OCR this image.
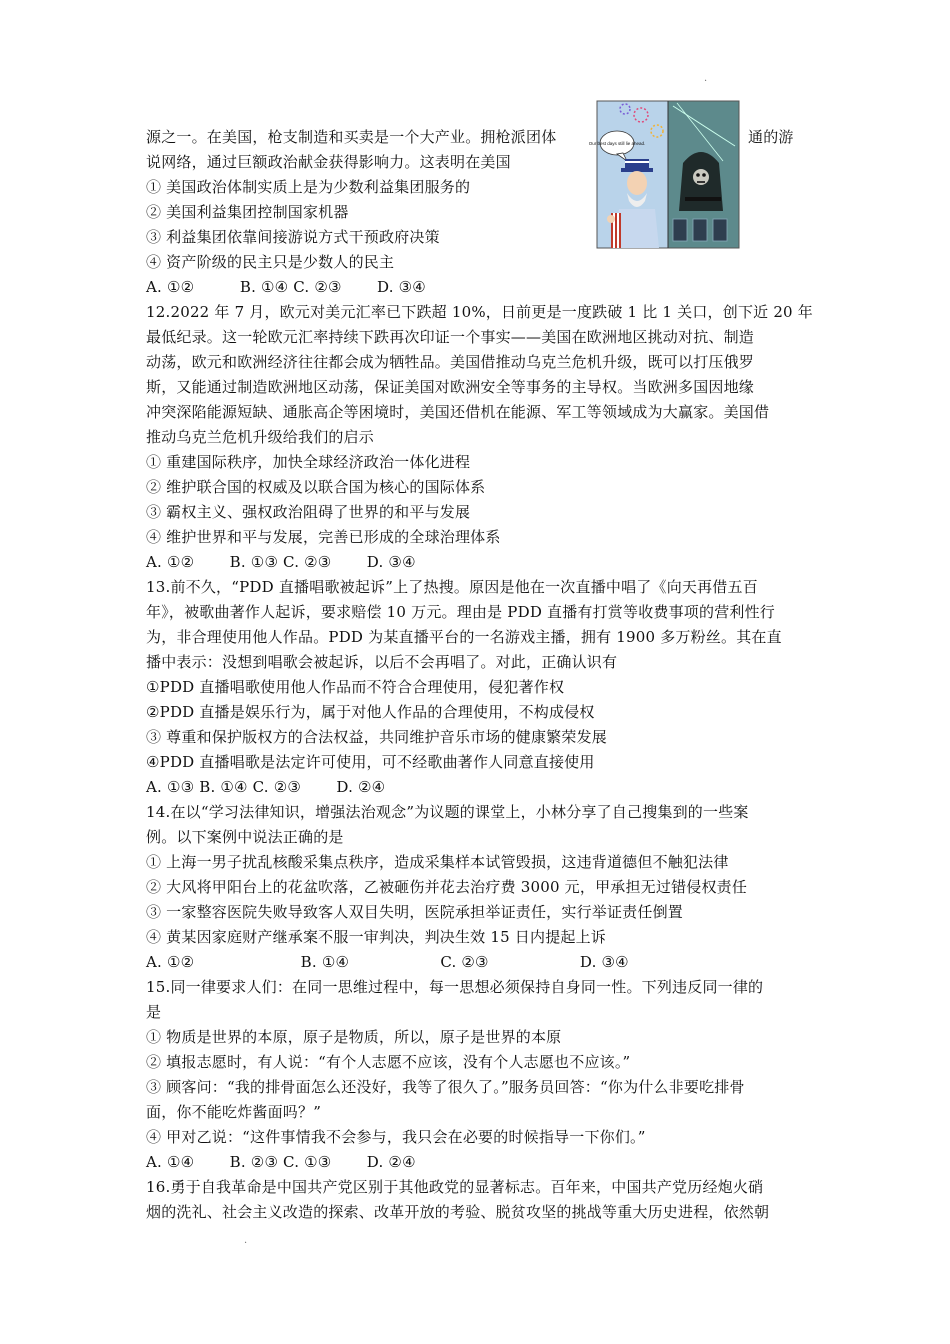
源之一。在美国，枪支制造和买卖是一个大产业。拥枪派团体	通的游
说网络，通过巨额政治献金获得影响力。这表明在美国
① 美国政治体制实质上是为少数利益集团服务的
② 美国利益集团控制国家机器
③ 利益集团依靠间接游说方式干预政府决策
④ 资产阶级的民主只是少数人的民主
A. ①②　　　B. ①④ C. ②③　　 D. ③④
12.2022 年 7 月，欧元对美元汇率已下跌超 10%，日前更是一度跌破 1 比 1 关口，创下近 20 年
最低纪录。这一轮欧元汇率持续下跌再次印证一个事实——美国在欧洲地区挑动对抗、制造
动荡，欧元和欧洲经济往往都会成为牺牲品。美国借推动乌克兰危机升级，既可以打压俄罗
斯，又能通过制造欧洲地区动荡，保证美国对欧洲安全等事务的主导权。当欧洲多国因地缘
冲突深陷能源短缺、通胀高企等困境时，美国还借机在能源、军工等领域成为大赢家。美国借
推动乌克兰危机升级给我们的启示
① 重建国际秩序，加快全球经济政治一体化进程
② 维护联合国的权威及以联合国为核心的国际体系
③ 霸权主义、强权政治阻碍了世界的和平与发展
④ 维护世界和平与发展，完善已形成的全球治理体系
A. ①②　　 B. ①③ C. ②③　　 D. ③④
13.前不久，“PDD 直播唱歌被起诉”上了热搜。原因是他在一次直播中唱了《向天再借五百
年》，被歌曲著作人起诉，要求赔偿 10 万元。理由是 PDD 直播有打赏等收费事项的营利性行
为，非合理使用他人作品。PDD 为某直播平台的一名游戏主播，拥有 1900 多万粉丝。其在直
播中表示：没想到唱歌会被起诉，以后不会再唱了。对此，正确认识有
①PDD 直播唱歌使用他人作品而不符合合理使用，侵犯著作权
②PDD 直播是娱乐行为，属于对他人作品的合理使用，不构成侵权
③ 尊重和保护版权方的合法权益，共同维护音乐市场的健康繁荣发展
④PDD 直播唱歌是法定许可使用，可不经歌曲著作人同意直接使用
A. ①③ B. ①④ C. ②③　　 D. ②④
14.在以“学习法律知识，增强法治观念”为议题的课堂上，小林分享了自己搜集到的一些案
例。以下案例中说法正确的是
① 上海一男子扰乱核酸采集点秩序，造成采集样本试管毁损，这违背道德但不触犯法律
② 大风将甲阳台上的花盆吹落，乙被砸伤并花去治疗费 3000 元，甲承担无过错侵权责任
③ 一家整容医院失败导致客人双目失明，医院承担举证责任，实行举证责任倒置
④ 黄某因家庭财产继承案不服一审判决，判决生效 15 日内提起上诉
A. ①②　　　　　　　B. ①④　　　　　　C. ②③　　　　　　D. ③④
15.同一律要求人们：在同一思维过程中，每一思想必须保持自身同一性。下列违反同一律的
是
① 物质是世界的本原，原子是物质，所以，原子是世界的本原
② 填报志愿时，有人说：“有个人志愿不应该，没有个人志愿也不应该。”
③ 顾客问：“我的排骨面怎么还没好，我等了很久了。”服务员回答：“你为什么非要吃排骨
面，你不能吃炸酱面吗？”
④ 甲对乙说：“这件事情我不会参与，我只会在必要的时候指导一下你们。”
A. ①④　　 B. ②③ C. ①③　　 D. ②④
16.勇于自我革命是中国共产党区别于其他政党的显著标志。百年来，中国共产党历经炮火硝
烟的洗礼、社会主义改造的探索、改革开放的考验、脱贫攻坚的挑战等重大历史进程，依然朝
·
·
Our best days still lie ahead.
